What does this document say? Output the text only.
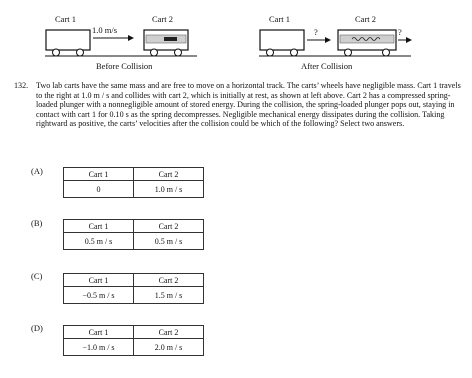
Cart 1	Cart 2
1.0 m/s
Before Collision
Cart 1	Cart 2
?	?
After Collision
132. Two lab carts have the same mass and are free to move on a horizontal track. The carts’ wheels have negligible mass. Cart 1 travels to the right at 1.0 m / s and collides with cart 2, which is initially at rest, as shown at left above. Cart 2 has a compressed spring-loaded plunger with a nonnegligible amount of stored energy. During the collision, the spring-loaded plunger pops out, staying in contact with cart 1 for 0.10 s as the spring decompresses. Negligible mechanical energy dissipates during the collision. Taking rightward as positive, the carts’ velocities after the collision could be which of the following? Select two answers.
(A)	Cart 1	Cart 2
0	1.0 m / s
(B)	Cart 1	Cart 2
0.5 m / s	0.5 m / s
(C)	Cart 1	Cart 2
−0.5 m / s	1.5 m / s
(D)	Cart 1	Cart 2
−1.0 m / s	2.0 m / s
